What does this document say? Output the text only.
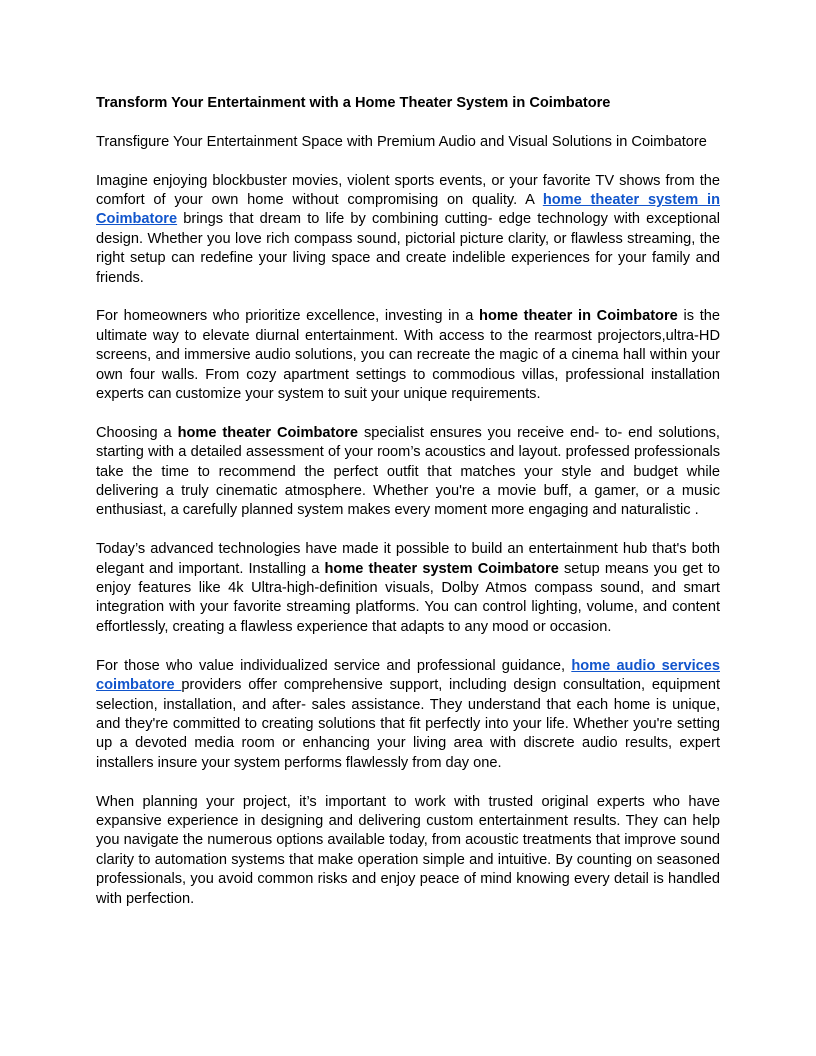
Transform Your Entertainment with a Home Theater System in Coimbatore

Transfigure Your Entertainment Space with Premium Audio and Visual Solutions in Coimbatore

Imagine enjoying blockbuster movies, violent sports events, or your favorite TV shows from the comfort of your own home without compromising on quality. A home theater system in Coimbatore brings that dream to life by combining cutting- edge technology with exceptional design. Whether you love rich compass sound, pictorial picture clarity, or flawless streaming, the right setup can redefine your living space and create indelible experiences for your family and friends.

For homeowners who prioritize excellence, investing in a home theater in Coimbatore is the ultimate way to elevate diurnal entertainment. With access to the rearmost projectors,ultra-HD screens, and immersive audio solutions, you can recreate the magic of a cinema hall within your own four walls. From cozy apartment settings to commodious villas, professional installation experts can customize your system to suit your unique requirements.

Choosing a home theater Coimbatore specialist ensures you receive end- to- end solutions, starting with a detailed assessment of your room’s acoustics and layout. professed professionals take the time to recommend the perfect outfit that matches your style and budget while delivering a truly cinematic atmosphere. Whether you're a movie buff, a gamer, or a music enthusiast, a carefully planned system makes every moment more engaging and naturalistic .

Today’s advanced technologies have made it possible to build an entertainment hub that's both elegant and important. Installing a home theater system Coimbatore setup means you get to enjoy features like 4k Ultra-high-definition visuals, Dolby Atmos compass sound, and smart integration with your favorite streaming platforms. You can control lighting, volume, and content effortlessly, creating a flawless experience that adapts to any mood or occasion.

For those who value individualized service and professional guidance, home audio services coimbatore providers offer comprehensive support, including design consultation, equipment selection, installation, and after- sales assistance. They understand that each home is unique, and they're committed to creating solutions that fit perfectly into your life. Whether you're setting up a devoted media room or enhancing your living area with discrete audio results, expert installers insure your system performs flawlessly from day one.

When planning your project, it’s important to work with trusted original experts who have expansive experience in designing and delivering custom entertainment results. They can help you navigate the numerous options available today, from acoustic treatments that improve sound clarity to automation systems that make operation simple and intuitive. By counting on seasoned professionals, you avoid common risks and enjoy peace of mind knowing every detail is handled with perfection.
